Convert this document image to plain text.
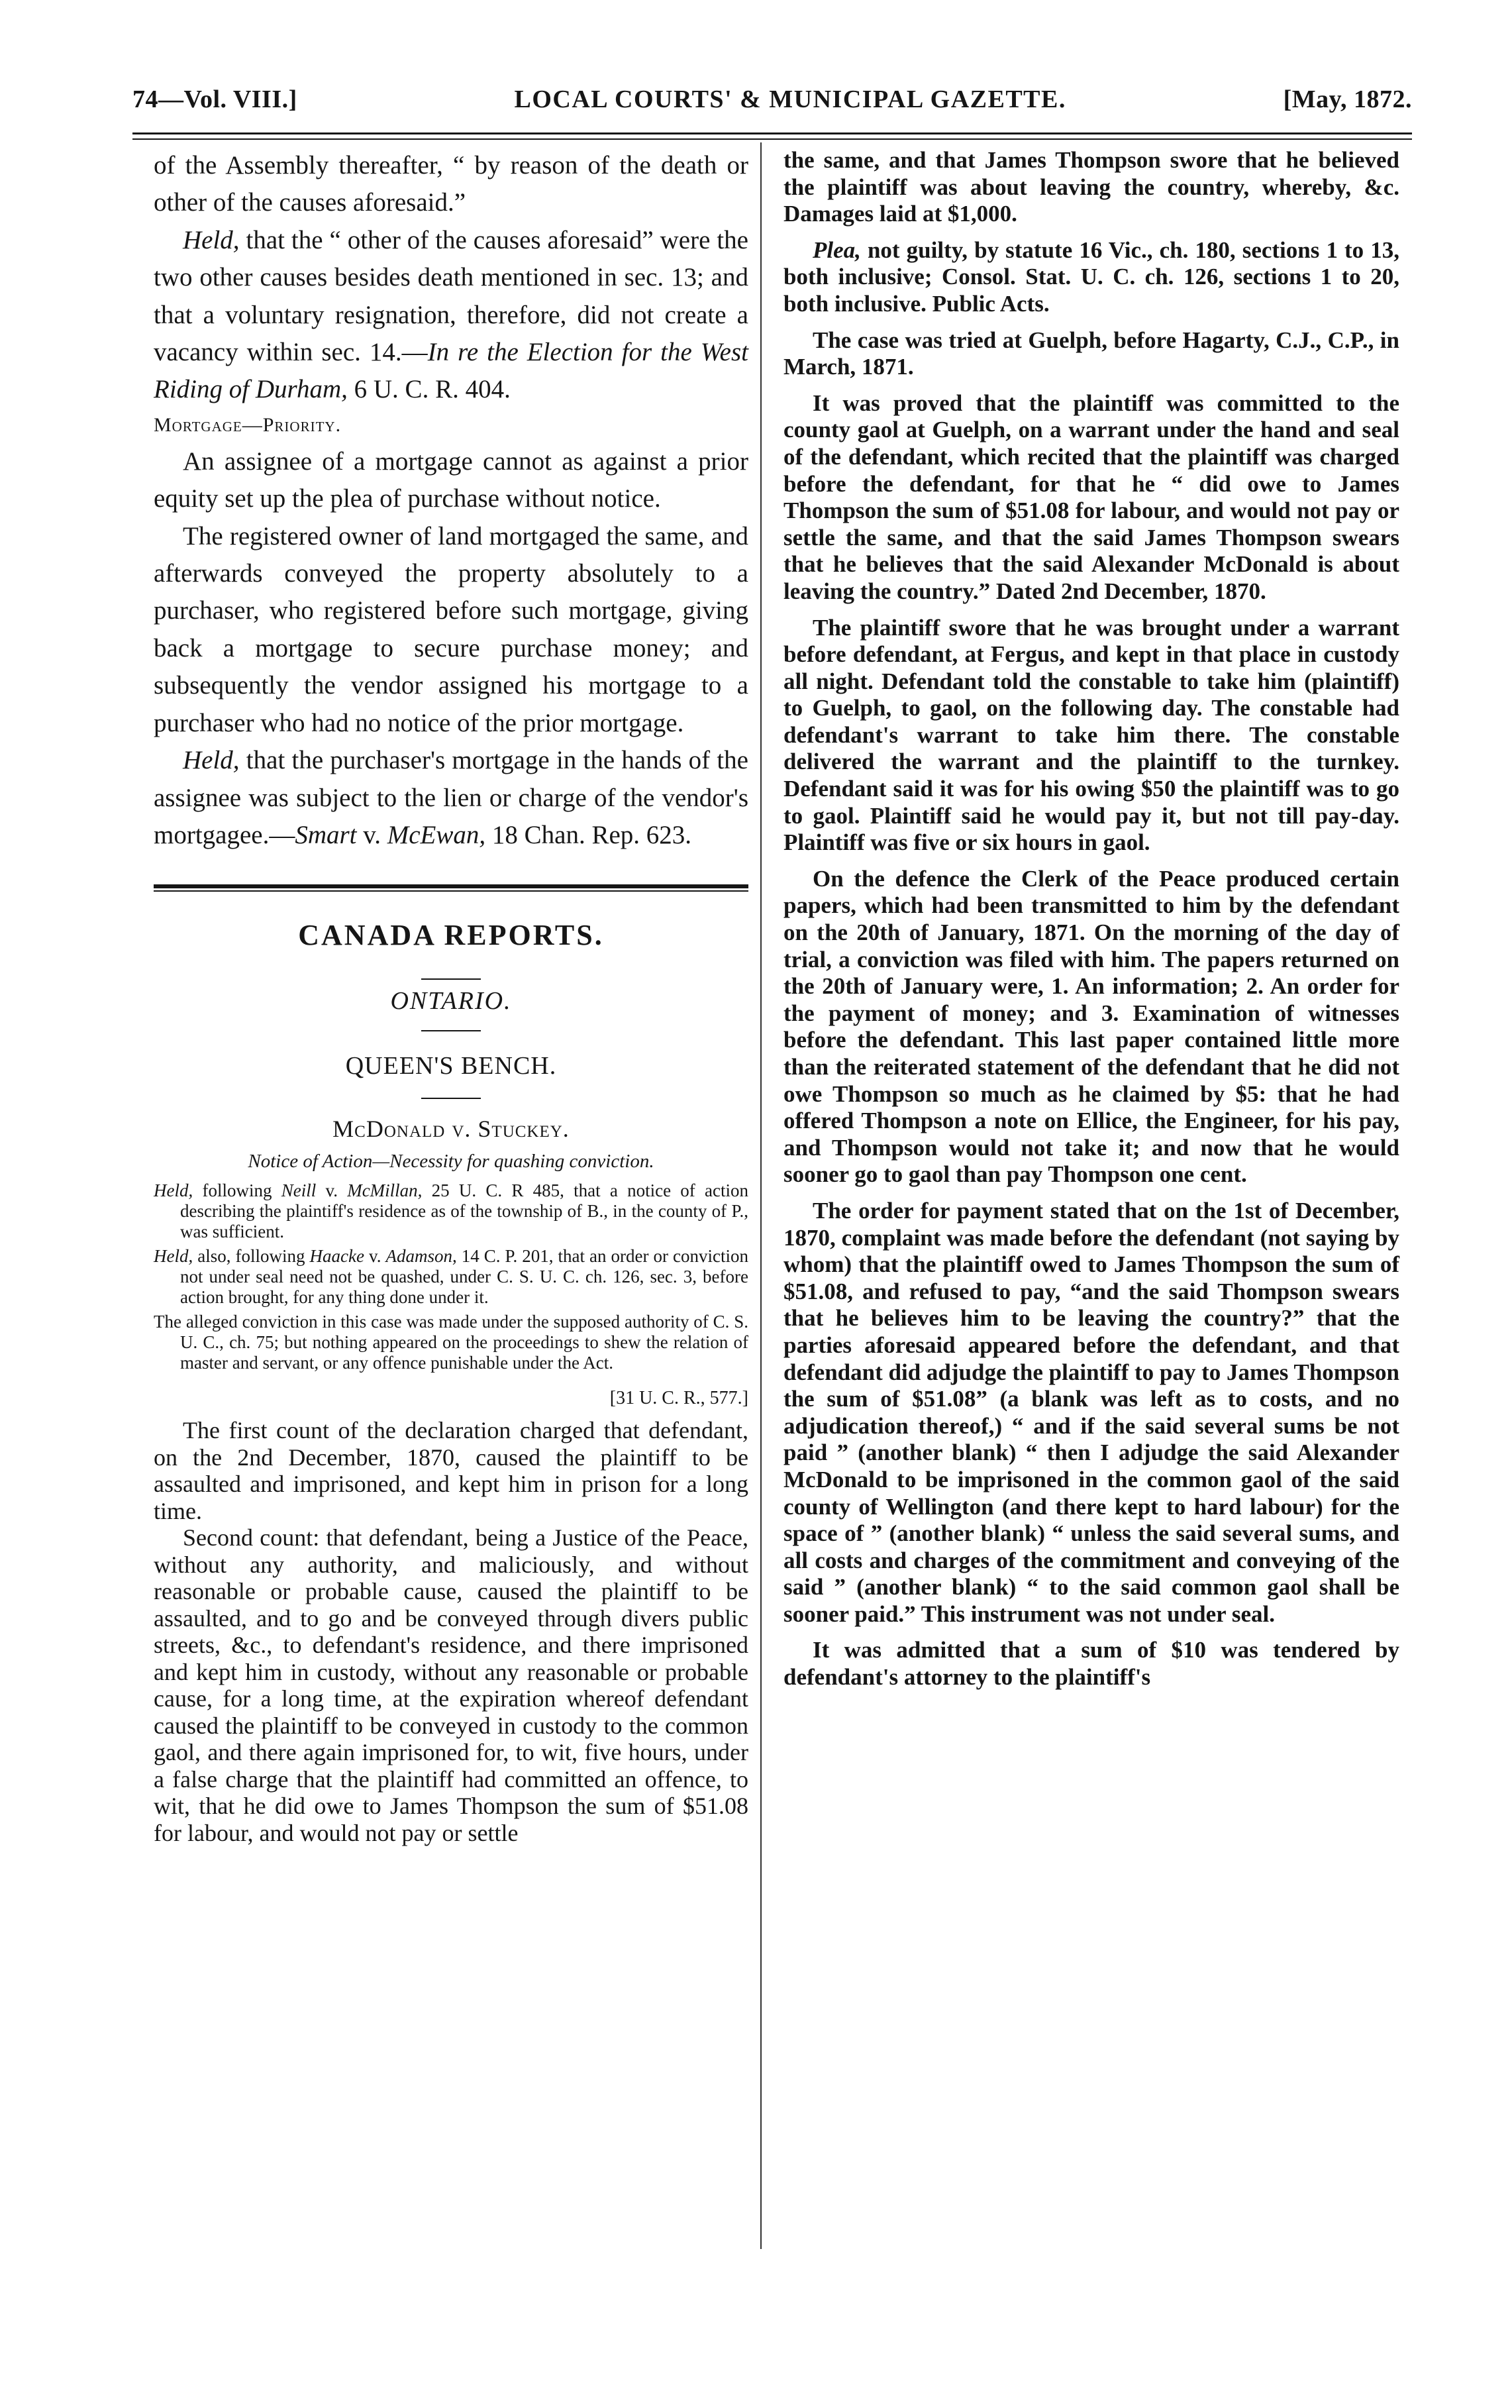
74—Vol. VIII.]	LOCAL COURTS' & MUNICIPAL GAZETTE.	[May, 1872.

of the Assembly thereafter, “ by reason of the death or other of the causes aforesaid.”

Held, that the “ other of the causes aforesaid” were the two other causes besides death mentioned in sec. 13; and that a voluntary resignation, therefore, did not create a vacancy within sec. 14.—In re the Election for the West Riding of Durham, 6 U. C. R. 404.

Mortgage—Priority.

An assignee of a mortgage cannot as against a prior equity set up the plea of purchase without notice.

The registered owner of land mortgaged the same, and afterwards conveyed the property absolutely to a purchaser, who registered before such mortgage, giving back a mortgage to secure purchase money; and subsequently the vendor assigned his mortgage to a purchaser who had no notice of the prior mortgage.

Held, that the purchaser's mortgage in the hands of the assignee was subject to the lien or charge of the vendor's mortgagee.—Smart v. McEwan, 18 Chan. Rep. 623.

CANADA REPORTS.
ONTARIO.
QUEEN'S BENCH.
McDonald v. Stuckey.
Notice of Action—Necessity for quashing conviction.

Held, following Neill v. McMillan, 25 U. C. R 485, that a notice of action describing the plaintiff's residence as of the township of B., in the county of P., was sufficient.

Held, also, following Haacke v. Adamson, 14 C. P. 201, that an order or conviction not under seal need not be quashed, under C. S. U. C. ch. 126, sec. 3, before action brought, for any thing done under it.

The alleged conviction in this case was made under the supposed authority of C. S. U. C., ch. 75; but nothing appeared on the proceedings to shew the relation of master and servant, or any offence punishable under the Act.

[31 U. C. R., 577.]

The first count of the declaration charged that defendant, on the 2nd December, 1870, caused the plaintiff to be assaulted and imprisoned, and kept him in prison for a long time.

Second count: that defendant, being a Justice of the Peace, without any authority, and maliciously, and without reasonable or probable cause, caused the plaintiff to be assaulted, and to go and be conveyed through divers public streets, &c., to defendant's residence, and there imprisoned and kept him in custody, without any reasonable or probable cause, for a long time, at the expiration whereof defendant caused the plaintiff to be conveyed in custody to the common gaol, and there again imprisoned for, to wit, five hours, under a false charge that the plaintiff had committed an offence, to wit, that he did owe to James Thompson the sum of $51.08 for labour, and would not pay or settle

the same, and that James Thompson swore that he believed the plaintiff was about leaving the country, whereby, &c. Damages laid at $1,000.

Plea, not guilty, by statute 16 Vic., ch. 180, sections 1 to 13, both inclusive; Consol. Stat. U. C. ch. 126, sections 1 to 20, both inclusive. Public Acts.

The case was tried at Guelph, before Hagarty, C.J., C.P., in March, 1871.

It was proved that the plaintiff was committed to the county gaol at Guelph, on a warrant under the hand and seal of the defendant, which recited that the plaintiff was charged before the defendant, for that he “ did owe to James Thompson the sum of $51.08 for labour, and would not pay or settle the same, and that the said James Thompson swears that he believes that the said Alexander McDonald is about leaving the country.” Dated 2nd December, 1870.

The plaintiff swore that he was brought under a warrant before defendant, at Fergus, and kept in that place in custody all night. Defendant told the constable to take him (plaintiff) to Guelph, to gaol, on the following day. The constable had defendant's warrant to take him there. The constable delivered the warrant and the plaintiff to the turnkey. Defendant said it was for his owing $50 the plaintiff was to go to gaol. Plaintiff said he would pay it, but not till pay-day. Plaintiff was five or six hours in gaol.

On the defence the Clerk of the Peace produced certain papers, which had been transmitted to him by the defendant on the 20th of January, 1871. On the morning of the day of trial, a conviction was filed with him. The papers returned on the 20th of January were, 1. An information; 2. An order for the payment of money; and 3. Examination of witnesses before the defendant. This last paper contained little more than the reiterated statement of the defendant that he did not owe Thompson so much as he claimed by $5: that he had offered Thompson a note on Ellice, the Engineer, for his pay, and Thompson would not take it; and now that he would sooner go to gaol than pay Thompson one cent.

The order for payment stated that on the 1st of December, 1870, complaint was made before the defendant (not saying by whom) that the plaintiff owed to James Thompson the sum of $51.08, and refused to pay, “and the said Thompson swears that he believes him to be leaving the country?” that the parties aforesaid appeared before the defendant, and that defendant did adjudge the plaintiff to pay to James Thompson the sum of $51.08” (a blank was left as to costs, and no adjudication thereof,) “ and if the said several sums be not paid ” (another blank) “ then I adjudge the said Alexander McDonald to be imprisoned in the common gaol of the said county of Wellington (and there kept to hard labour) for the space of ” (another blank) “ unless the said several sums, and all costs and charges of the commitment and conveying of the said ” (another blank) “ to the said common gaol shall be sooner paid.” This instrument was not under seal.

It was admitted that a sum of $10 was tendered by defendant's attorney to the plaintiff's
